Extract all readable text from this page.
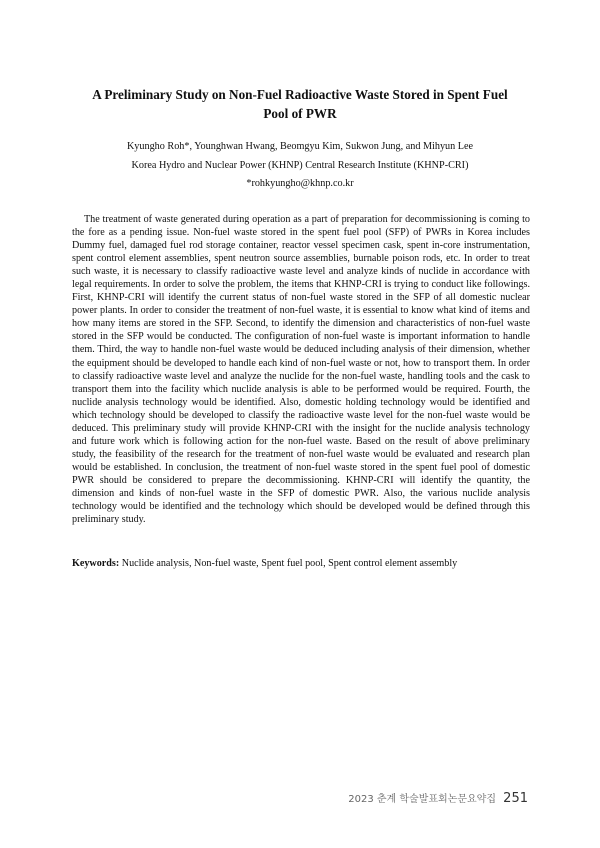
A Preliminary Study on Non-Fuel Radioactive Waste Stored in Spent Fuel Pool of PWR
Kyungho Roh*, Younghwan Hwang, Beomgyu Kim, Sukwon Jung, and Mihyun Lee
Korea Hydro and Nuclear Power (KHNP) Central Research Institute (KHNP-CRI)
*rohkyungho@khnp.co.kr

The treatment of waste generated during operation as a part of preparation for decommissioning is coming to the fore as a pending issue. Non-fuel waste stored in the spent fuel pool (SFP) of PWRs in Korea includes Dummy fuel, damaged fuel rod storage container, reactor vessel specimen cask, spent in-core instrumentation, spent control element assemblies, spent neutron source assemblies, burnable poison rods, etc. In order to treat such waste, it is necessary to classify radioactive waste level and analyze kinds of nuclide in accordance with legal requirements. In order to solve the problem, the items that KHNP-CRI is trying to conduct like followings. First, KHNP-CRI will identify the current status of non-fuel waste stored in the SFP of all domestic nuclear power plants. In order to consider the treatment of non-fuel waste, it is essential to know what kind of items and how many items are stored in the SFP. Second, to identify the dimension and characteristics of non-fuel waste stored in the SFP would be conducted. The configuration of non-fuel waste is important information to handle them. Third, the way to handle non-fuel waste would be deduced including analysis of their dimension, whether the equipment should be developed to handle each kind of non-fuel waste or not, how to transport them. In order to classify radioactive waste level and analyze the nuclide for the non-fuel waste, handling tools and the cask to transport them into the facility which nuclide analysis is able to be performed would be required. Fourth, the nuclide analysis technology would be identified. Also, domestic holding technology would be identified and which technology should be developed to classify the radioactive waste level for the non-fuel waste would be deduced. This preliminary study will provide KHNP-CRI with the insight for the nuclide analysis technology and future work which is following action for the non-fuel waste. Based on the result of above preliminary study, the feasibility of the research for the treatment of non-fuel waste would be evaluated and research plan would be established. In conclusion, the treatment of non-fuel waste stored in the spent fuel pool of domestic PWR should be considered to prepare the decommissioning. KHNP-CRI will identify the quantity, the dimension and kinds of non-fuel waste in the SFP of domestic PWR. Also, the various nuclide analysis technology would be identified and the technology which should be developed would be defined through this preliminary study.

Keywords: Nuclide analysis, Non-fuel waste, Spent fuel pool, Spent control element assembly
2023 춘계 학술발표회논문요약집 251
